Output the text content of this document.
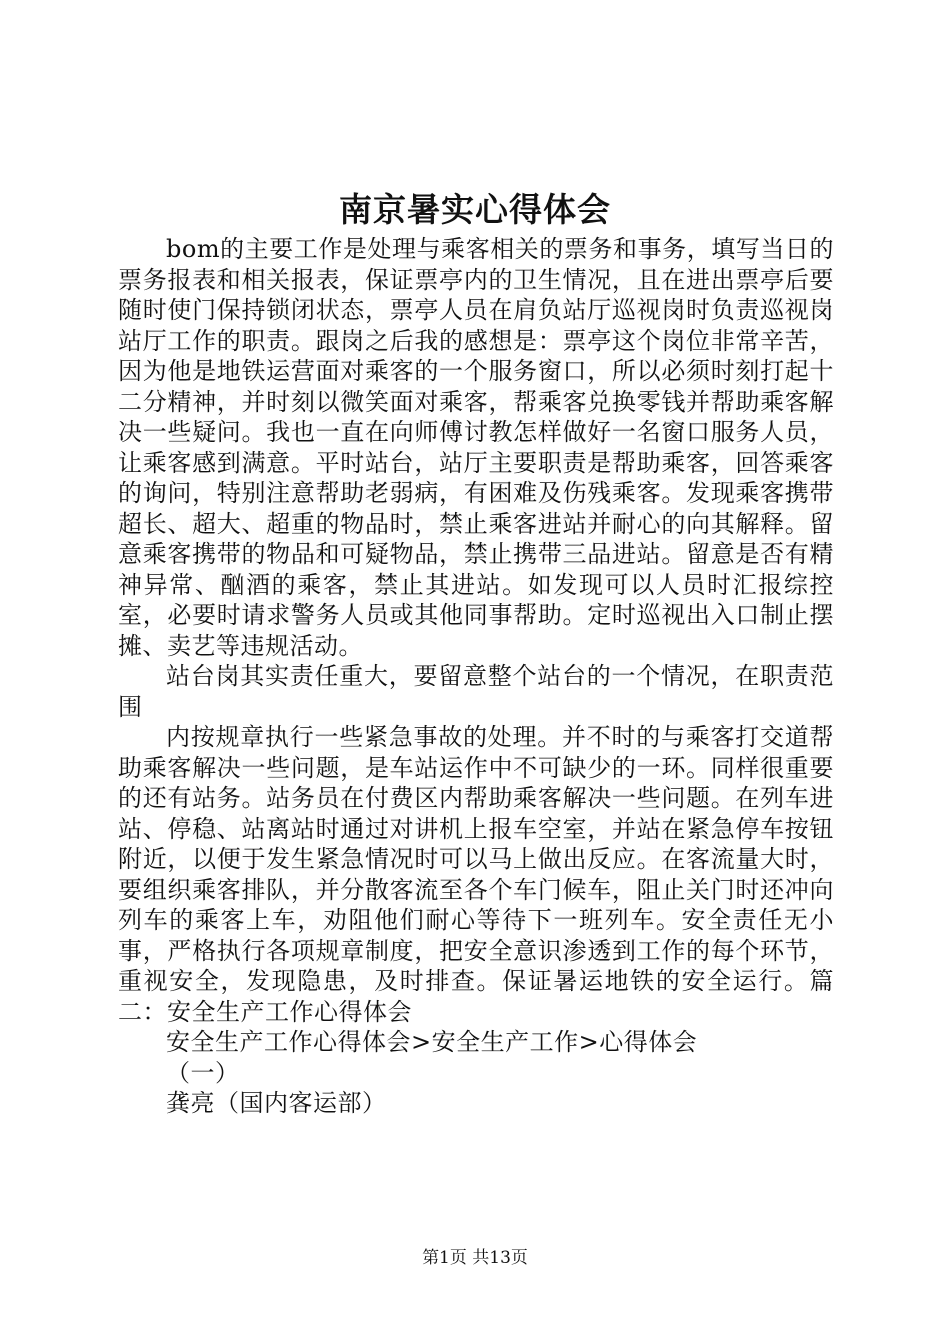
南京暑实心得体会

bom的主要工作是处理与乘客相关的票务和事务，填写当日的票务报表和相关报表，保证票亭内的卫生情况，且在进出票亭后要随时使门保持锁闭状态，票亭人员在肩负站厅巡视岗时负责巡视岗站厅工作的职责。跟岗之后我的感想是：票亭这个岗位非常辛苦，因为他是地铁运营面对乘客的一个服务窗口，所以必须时刻打起十二分精神，并时刻以微笑面对乘客，帮乘客兑换零钱并帮助乘客解决一些疑问。我也一直在向师傅讨教怎样做好一名窗口服务人员，让乘客感到满意。平时站台，站厅主要职责是帮助乘客，回答乘客的询问，特别注意帮助老弱病，有困难及伤残乘客。发现乘客携带超长、超大、超重的物品时，禁止乘客进站并耐心的向其解释。留意乘客携带的物品和可疑物品，禁止携带三品进站。留意是否有精神异常、酗酒的乘客，禁止其进站。如发现可以人员时汇报综控室，必要时请求警务人员或其他同事帮助。定时巡视出入口制止摆摊、卖艺等违规活动。

站台岗其实责任重大，要留意整个站台的一个情况，在职责范围

内按规章执行一些紧急事故的处理。并不时的与乘客打交道帮助乘客解决一些问题，是车站运作中不可缺少的一环。同样很重要的还有站务。站务员在付费区内帮助乘客解决一些问题。在列车进站、停稳、站离站时通过对讲机上报车空室，并站在紧急停车按钮附近，以便于发生紧急情况时可以马上做出反应。在客流量大时，要组织乘客排队，并分散客流至各个车门候车，阻止关门时还冲向列车的乘客上车，劝阻他们耐心等待下一班列车。安全责任无小事，严格执行各项规章制度，把安全意识渗透到工作的每个环节，重视安全，发现隐患，及时排查。保证暑运地铁的安全运行。篇二：安全生产工作心得体会

安全生产工作心得体会>安全生产工作>心得体会

（一）

龚亮（国内客运部）

第1页 共13页
